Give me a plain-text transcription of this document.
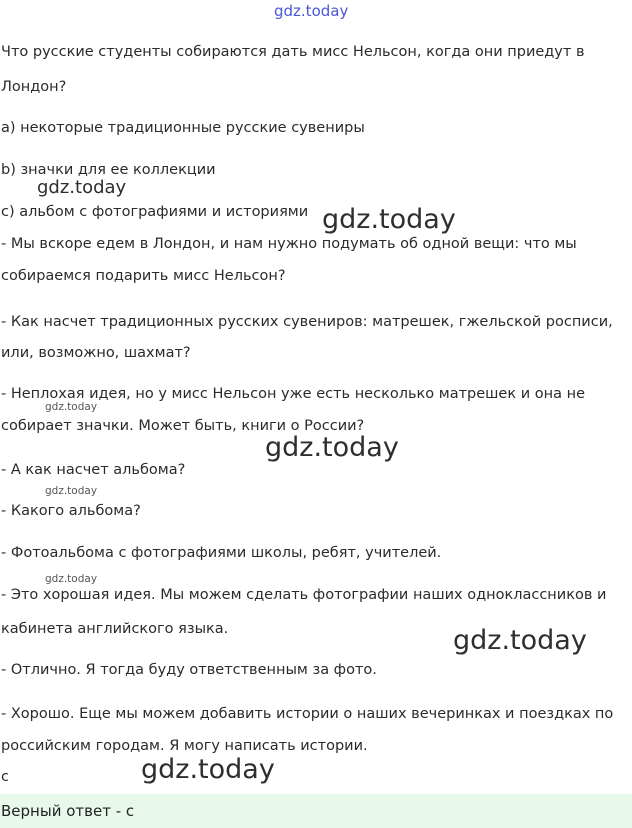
gdz.today
Что русские студенты собираются дать мисс Нельсон, когда они приедут в
Лондон?
a) некоторые традиционные русские сувениры
b) значки для ее коллекции
gdz.today
c) альбом с фотографиями и историями gdz.today
- Мы вскоре едем в Лондон, и нам нужно подумать об одной вещи: что мы
собираемся подарить мисс Нельсон?
- Как насчет традиционных русских сувениров: матрешек, гжельской росписи,
или, возможно, шахмат?
- Неплохая идея, но у мисс Нельсон уже есть несколько матрешек и она не
gdz.today
собирает значки. Может быть, книги о России?
gdz.today
- А как насчет альбома?
gdz.today
- Какого альбома?
- Фотоальбома с фотографиями школы, ребят, учителей.
gdz.today
- Это хорошая идея. Мы можем сделать фотографии наших одноклассников и
кабинета английского языка.	gdz.today
- Отлично. Я тогда буду ответственным за фото.
- Хорошо. Еще мы можем добавить истории о наших вечеринках и поездках по
российским городам. Я могу написать истории.
c	gdz.today
Верный ответ - c
